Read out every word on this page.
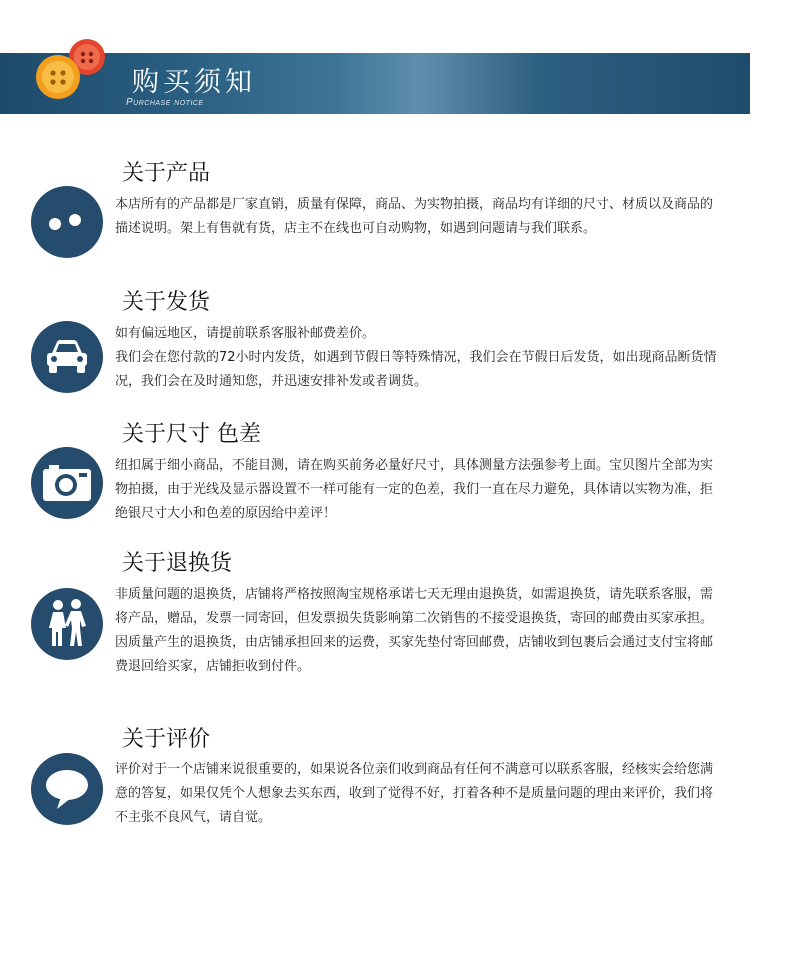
购买须知
Purchase notice
关于产品

本店所有的产品都是厂家直销，质量有保障，商品、为实物拍摄，商品均有详细的尺寸、材质以及商品的描述说明。架上有售就有货，店主不在线也可自动购物，如遇到问题请与我们联系。

关于发货

如有偏远地区，请提前联系客服补邮费差价。

我们会在您付款的72小时内发货，如遇到节假日等特殊情况，我们会在节假日后发货，如出现商品断货情况，我们会在及时通知您，并迅速安排补发或者调货。

关于尺寸 色差

纽扣属于细小商品，不能目测，请在购买前务必量好尺寸，具体测量方法强参考上面。宝贝图片全部为实物拍摄，由于光线及显示器设置不一样可能有一定的色差，我们一直在尽力避免，具体请以实物为准，拒绝银尺寸大小和色差的原因给中差评！

关于退换货

非质量问题的退换货，店铺将严格按照淘宝规格承诺七天无理由退换货，如需退换货，请先联系客服，需将产品，赠品，发票一同寄回，但发票损失货影响第二次销售的不接受退换货，寄回的邮费由买家承担。

因质量产生的退换货，由店铺承担回来的运费，买家先垫付寄回邮费，店铺收到包裹后会通过支付宝将邮费退回给买家，店铺拒收到付件。

关于评价

评价对于一个店铺来说很重要的，如果说各位亲们收到商品有任何不满意可以联系客服，经核实会给您满意的答复，如果仅凭个人想象去买东西，收到了觉得不好，打着各种不是质量问题的理由来评价，我们将不主张不良风气，请自觉。
